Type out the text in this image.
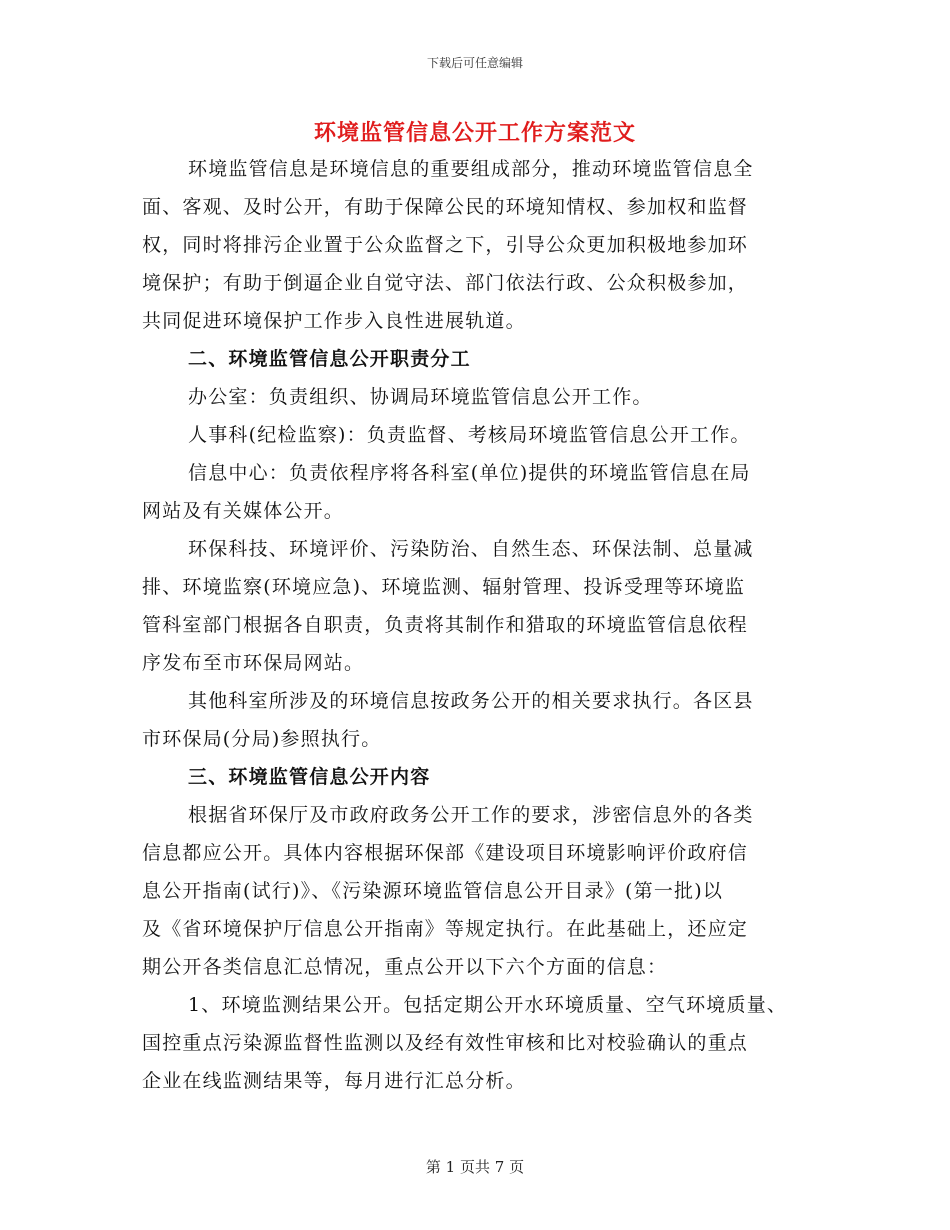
下载后可任意编辑
环境监管信息公开工作方案范文
环境监管信息是环境信息的重要组成部分，推动环境监管信息全
面、客观、及时公开，有助于保障公民的环境知情权、参加权和监督
权，同时将排污企业置于公众监督之下，引导公众更加积极地参加环
境保护；有助于倒逼企业自觉守法、部门依法行政、公众积极参加，
共同促进环境保护工作步入良性进展轨道。
二、环境监管信息公开职责分工
办公室：负责组织、协调局环境监管信息公开工作。
人事科(纪检监察)：负责监督、考核局环境监管信息公开工作。
信息中心：负责依程序将各科室(单位)提供的环境监管信息在局
网站及有关媒体公开。
环保科技、环境评价、污染防治、自然生态、环保法制、总量减
排、环境监察(环境应急)、环境监测、辐射管理、投诉受理等环境监
管科室部门根据各自职责，负责将其制作和猎取的环境监管信息依程
序发布至市环保局网站。
其他科室所涉及的环境信息按政务公开的相关要求执行。各区县
市环保局(分局)参照执行。
三、环境监管信息公开内容
根据省环保厅及市政府政务公开工作的要求，涉密信息外的各类
信息都应公开。具体内容根据环保部《建设项目环境影响评价政府信
息公开指南(试行)》、《污染源环境监管信息公开目录》(第一批)以
及《省环境保护厅信息公开指南》等规定执行。在此基础上，还应定
期公开各类信息汇总情况，重点公开以下六个方面的信息：
1、环境监测结果公开。包括定期公开水环境质量、空气环境质量、
国控重点污染源监督性监测以及经有效性审核和比对校验确认的重点
企业在线监测结果等，每月进行汇总分析。
第 1 页共 7 页
